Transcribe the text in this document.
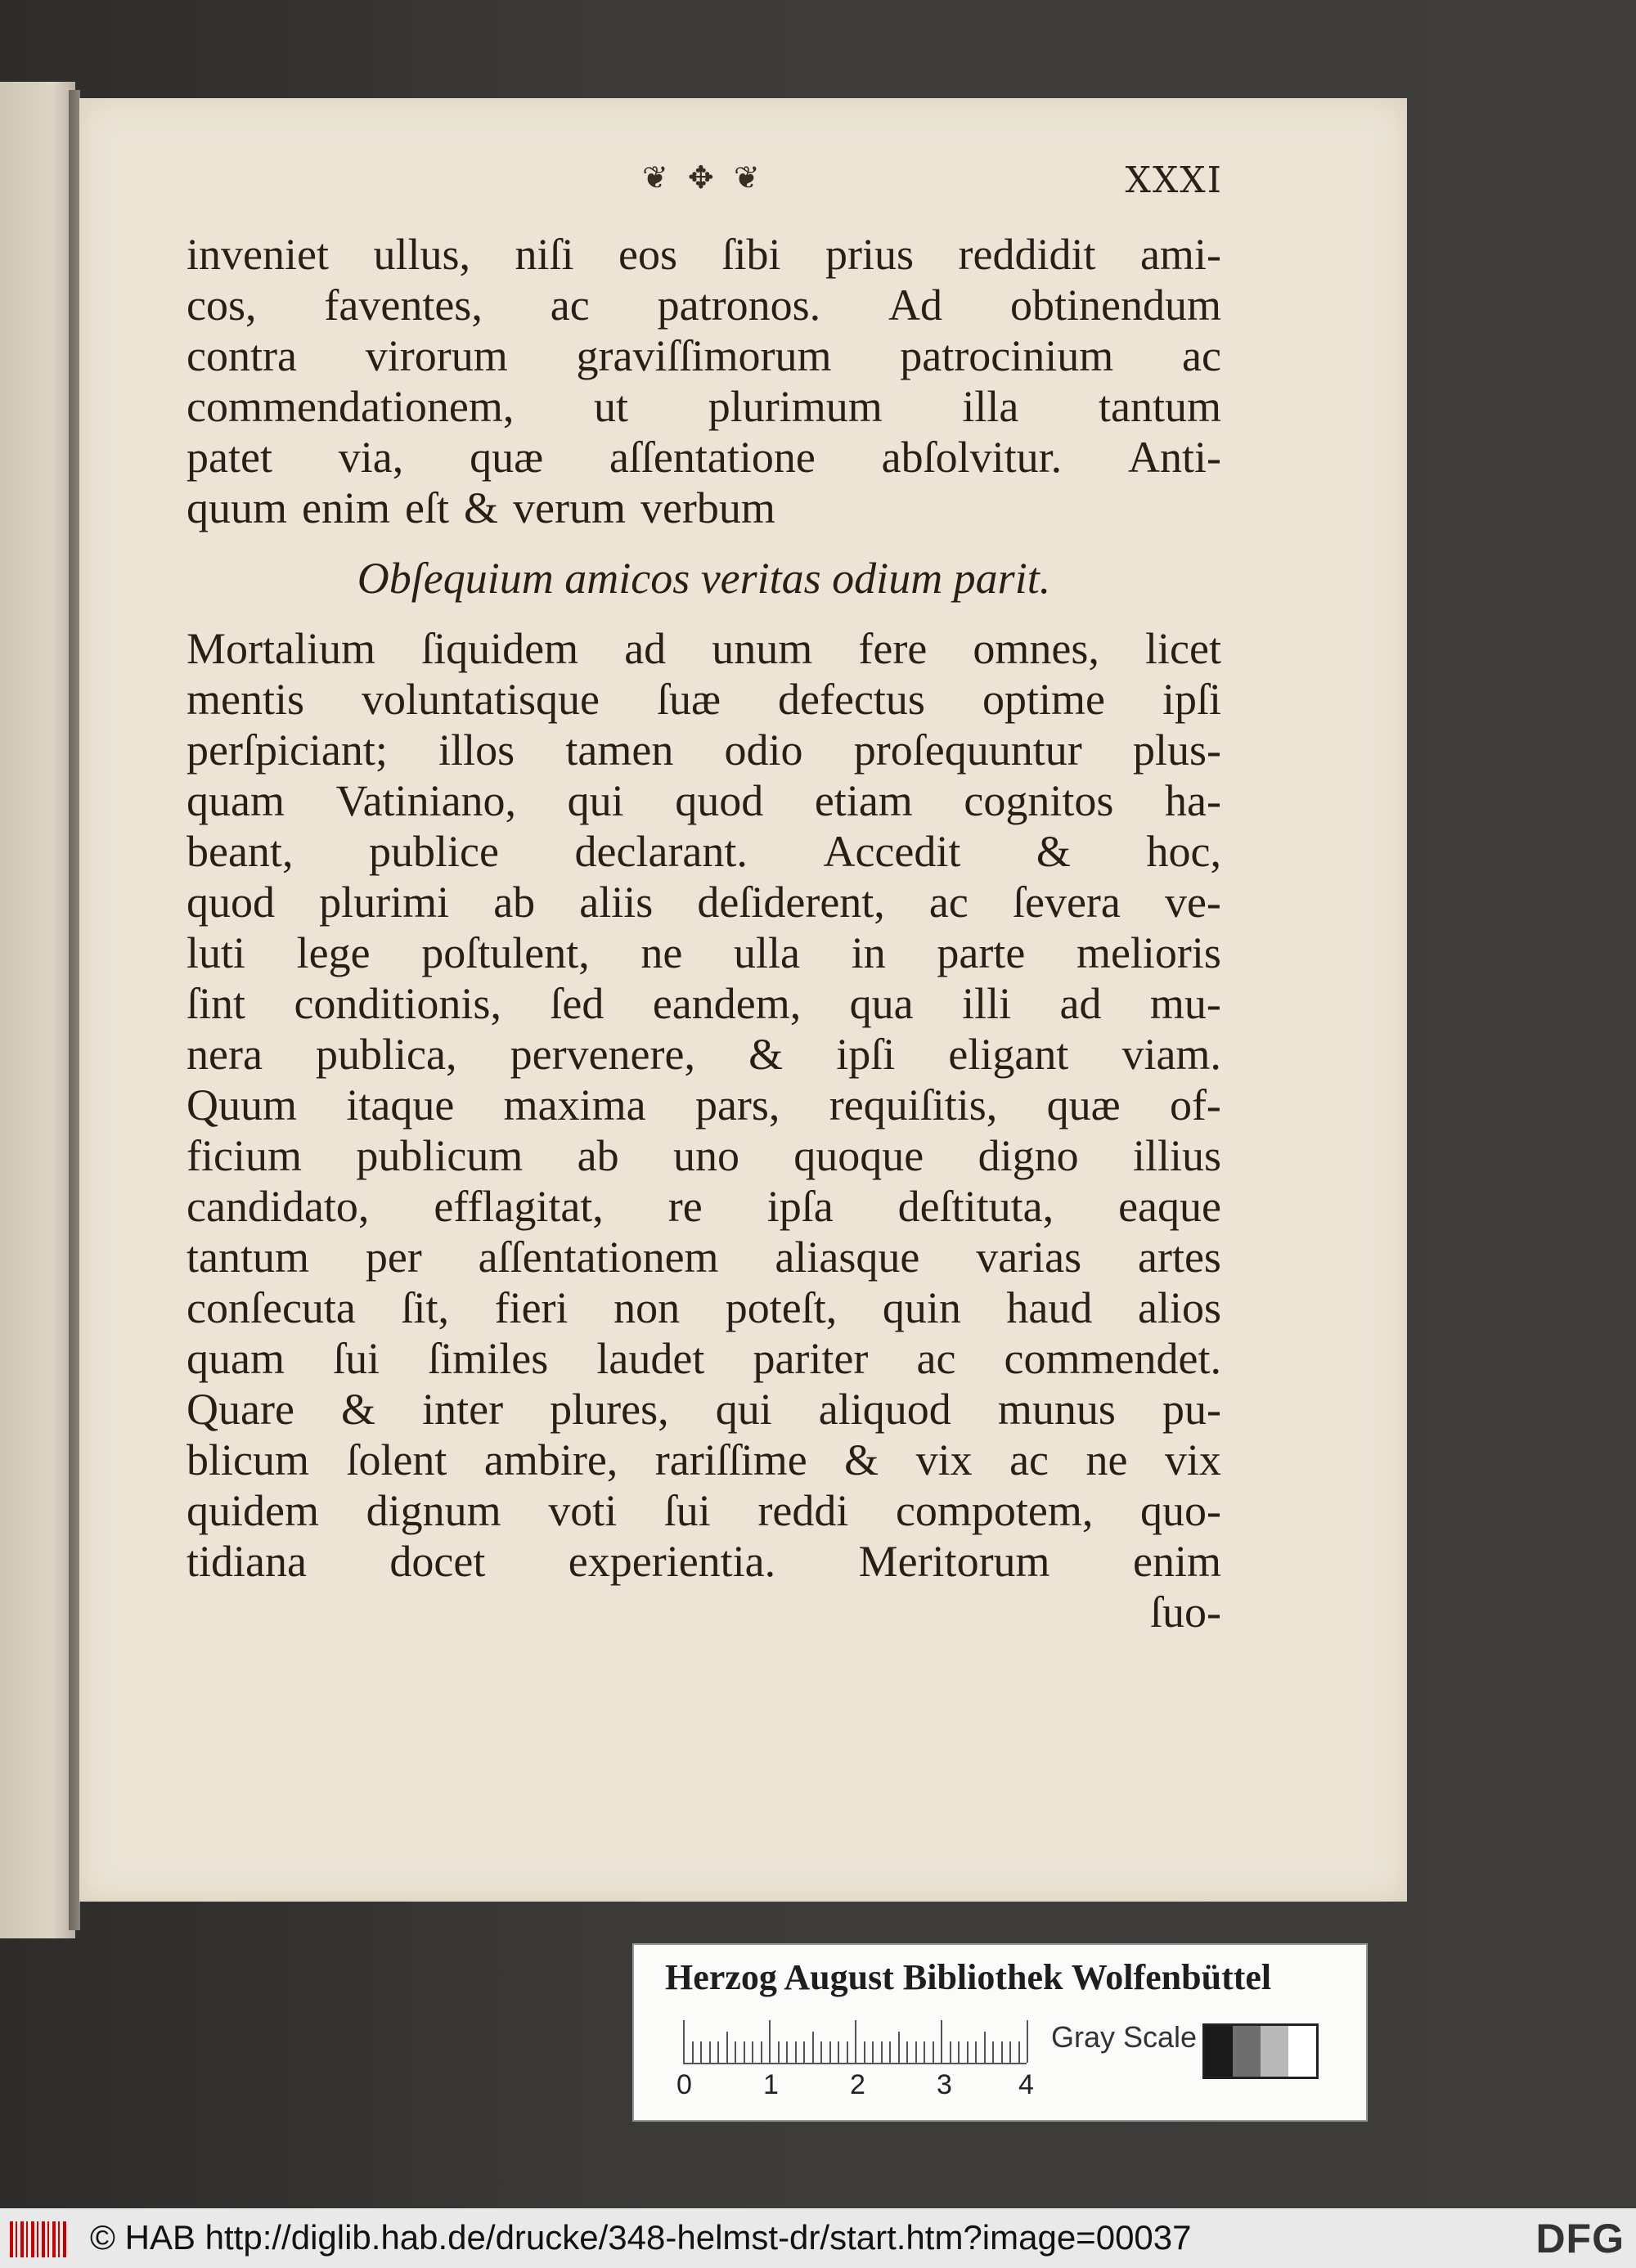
❦ ✥ ❦	XXXI
inveniet ullus, niſi eos ſibi prius reddidit ami-
cos, faventes, ac patronos. Ad obtinendum
contra virorum graviſſimorum patrocinium ac
commendationem, ut plurimum illa tantum
patet via, quæ aſſentatione abſolvitur. Anti-
quum enim eſt & verum verbum
Obſequium amicos veritas odium parit.
Mortalium ſiquidem ad unum fere omnes, licet
mentis voluntatisque ſuæ defectus optime ipſi
perſpiciant; illos tamen odio proſequuntur plus-
quam Vatiniano, qui quod etiam cognitos ha-
beant, publice declarant. Accedit & hoc,
quod plurimi ab aliis deſiderent, ac ſevera ve-
luti lege poſtulent, ne ulla in parte melioris
ſint conditionis, ſed eandem, qua illi ad mu-
nera publica, pervenere, & ipſi eligant viam.
Quum itaque maxima pars, requiſitis, quæ of-
ficium publicum ab uno quoque digno illius
candidato, efflagitat, re ipſa deſtituta, eaque
tantum per aſſentationem aliasque varias artes
conſecuta ſit, fieri non poteſt, quin haud alios
quam ſui ſimiles laudet pariter ac commendet.
Quare & inter plures, qui aliquod munus pu-
blicum ſolent ambire, rariſſime & vix ac ne vix
quidem dignum voti ſui reddi compotem, quo-
tidiana docet experientia. Meritorum enim
ſuo-
Herzog August Bibliothek Wolfenbüttel
0	1	2	3 4
Gray Scale
© HAB http://diglib.hab.de/drucke/348-helmst-dr/start.htm?image=00037	DFG
